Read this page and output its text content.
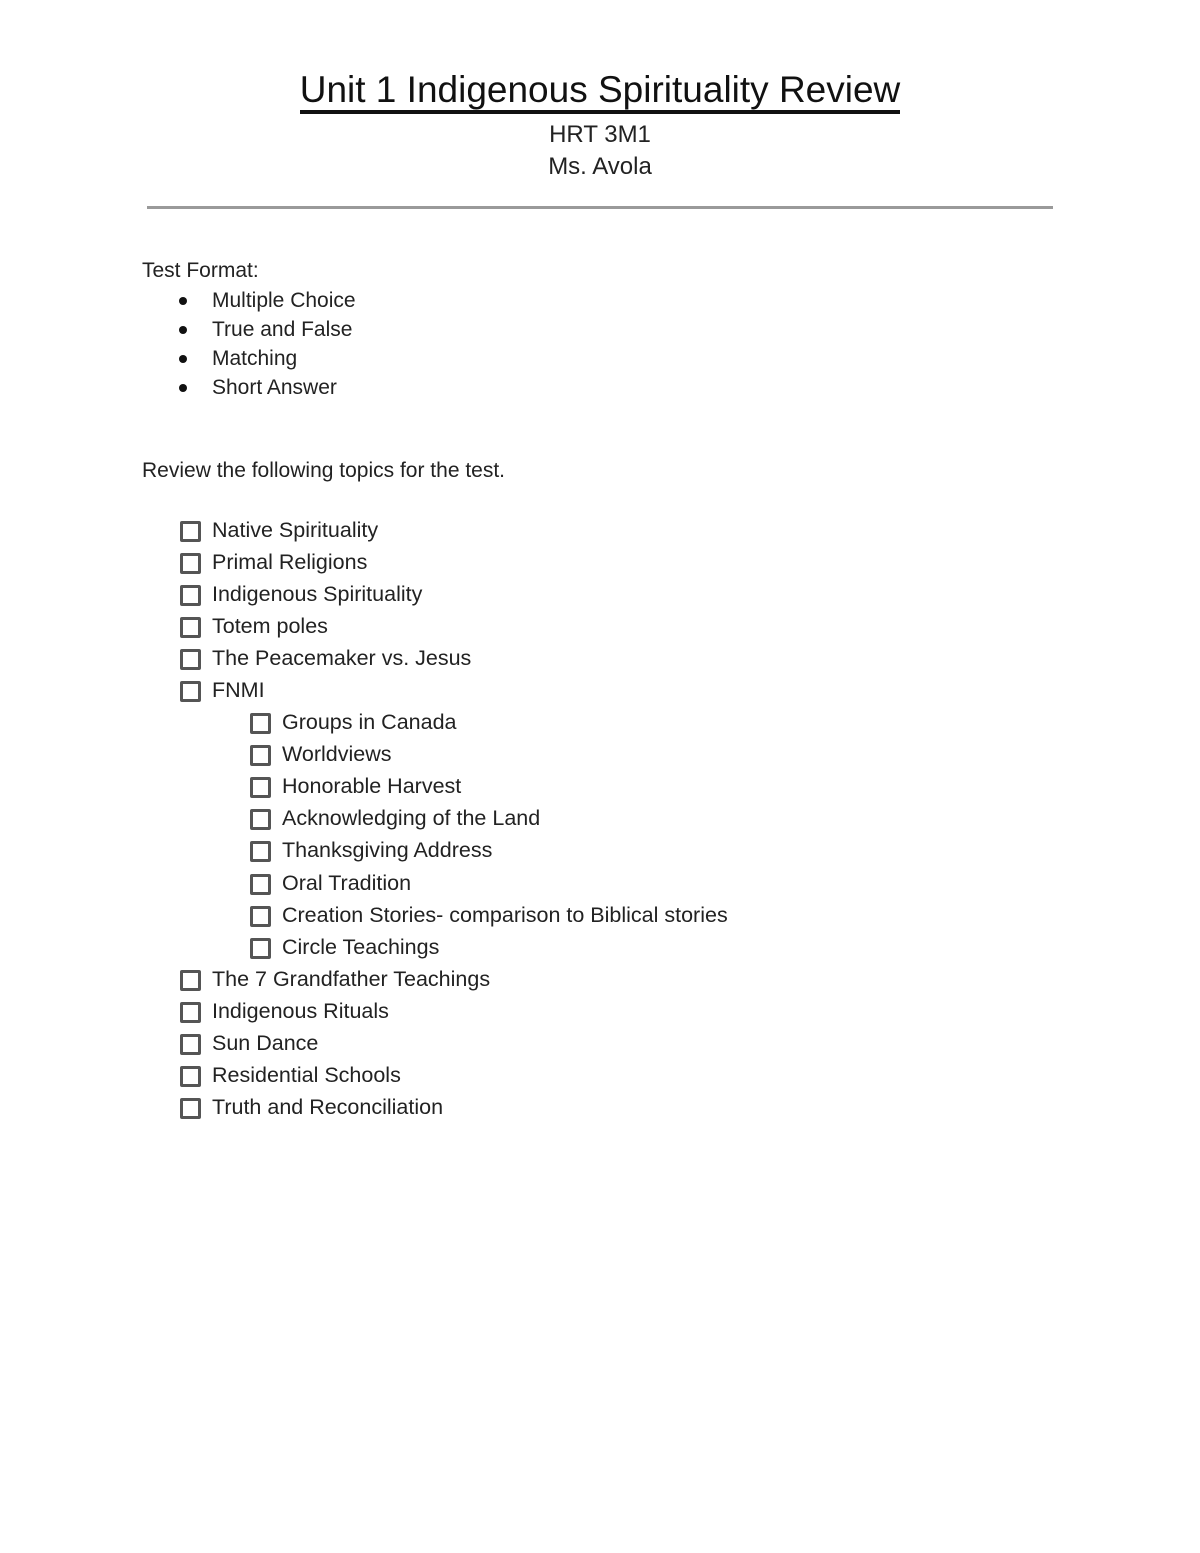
Unit 1 Indigenous Spirituality Review
HRT 3M1
Ms. Avola
Test Format:
Multiple Choice
True and False
Matching
Short Answer
Review the following topics for the test.
Native Spirituality
Primal Religions
Indigenous Spirituality
Totem poles
The Peacemaker vs. Jesus
FNMI
Groups in Canada
Worldviews
Honorable Harvest
Acknowledging of the Land
Thanksgiving Address
Oral Tradition
Creation Stories- comparison to Biblical stories
Circle Teachings
The 7 Grandfather Teachings
Indigenous Rituals
Sun Dance
Residential Schools
Truth and Reconciliation
